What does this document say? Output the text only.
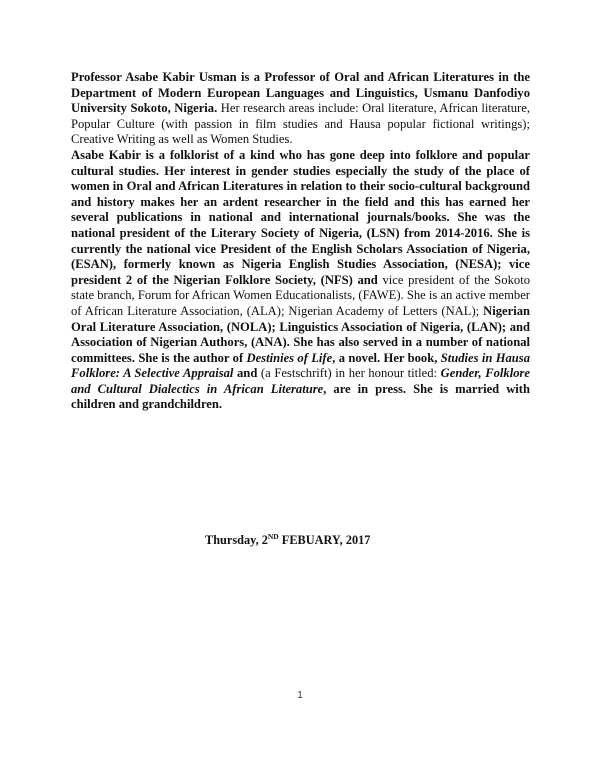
Professor Asabe Kabir Usman is a Professor of Oral and African Literatures in the Department of Modern European Languages and Linguistics, Usmanu Danfodiyo University Sokoto, Nigeria. Her research areas include: Oral literature, African literature, Popular Culture (with passion in film studies and Hausa popular fictional writings); Creative Writing as well as Women Studies.
Asabe Kabir is a folklorist of a kind who has gone deep into folklore and popular cultural studies. Her interest in gender studies especially the study of the place of women in Oral and African Literatures in relation to their socio-cultural background and history makes her an ardent researcher in the field and this has earned her several publications in national and international journals/books. She was the national president of the Literary Society of Nigeria, (LSN) from 2014-2016. She is currently the national vice President of the English Scholars Association of Nigeria, (ESAN), formerly known as Nigeria English Studies Association, (NESA); vice president 2 of the Nigerian Folklore Society, (NFS) and vice president of the Sokoto state branch, Forum for African Women Educationalists, (FAWE). She is an active member of African Literature Association, (ALA); Nigerian Academy of Letters (NAL); Nigerian Oral Literature Association, (NOLA); Linguistics Association of Nigeria, (LAN); and Association of Nigerian Authors, (ANA). She has also served in a number of national committees. She is the author of Destinies of Life, a novel. Her book, Studies in Hausa Folklore: A Selective Appraisal and (a Festschrift) in her honour titled: Gender, Folklore and Cultural Dialectics in African Literature, are in press. She is married with children and grandchildren.

Thursday, 2ND FEBUARY, 2017
1
